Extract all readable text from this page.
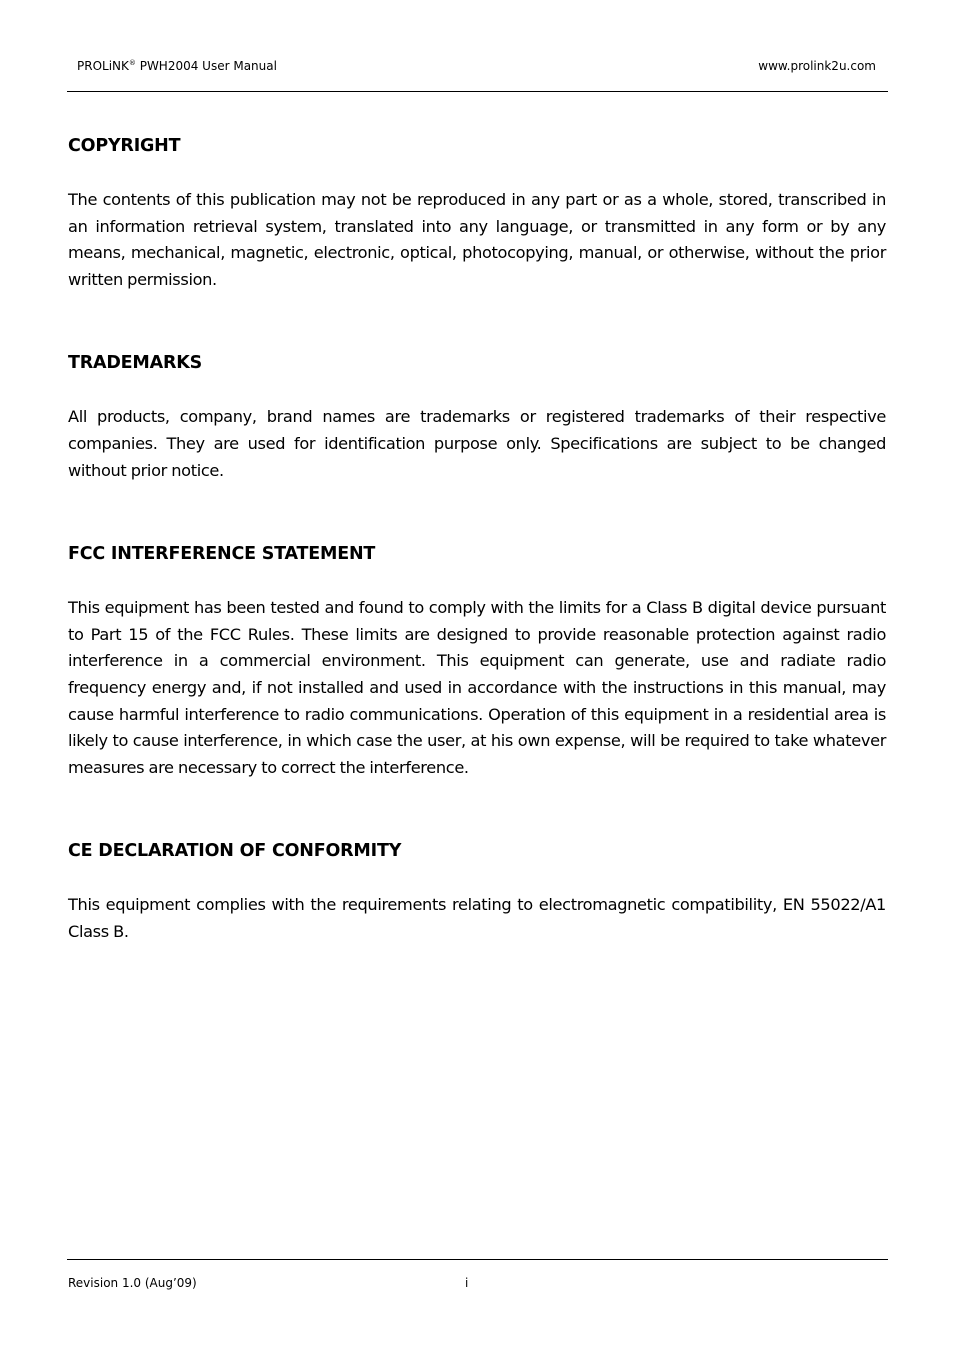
PROLiNK® PWH2004 User Manual	www.prolink2u.com
COPYRIGHT

The contents of this publication may not be reproduced in any part or as a whole, stored, transcribed in an information retrieval system, translated into any language, or transmitted in any form or by any means, mechanical, magnetic, electronic, optical, photocopying, manual, or otherwise, without the prior written permission.

TRADEMARKS

All products, company, brand names are trademarks or registered trademarks of their respective companies. They are used for identification purpose only. Specifications are subject to be changed without prior notice.

FCC INTERFERENCE STATEMENT

This equipment has been tested and found to comply with the limits for a Class B digital device pursuant to Part 15 of the FCC Rules. These limits are designed to provide reasonable protection against radio interference in a commercial environment. This equipment can generate, use and radiate radio frequency energy and, if not installed and used in accordance with the instructions in this manual, may cause harmful interference to radio communications. Operation of this equipment in a residential area is likely to cause interference, in which case the user, at his own expense, will be required to take whatever measures are necessary to correct the interference.

CE DECLARATION OF CONFORMITY

This equipment complies with the requirements relating to electromagnetic compatibility, EN 55022/A1 Class B.

Revision 1.0 (Aug’09)	i
